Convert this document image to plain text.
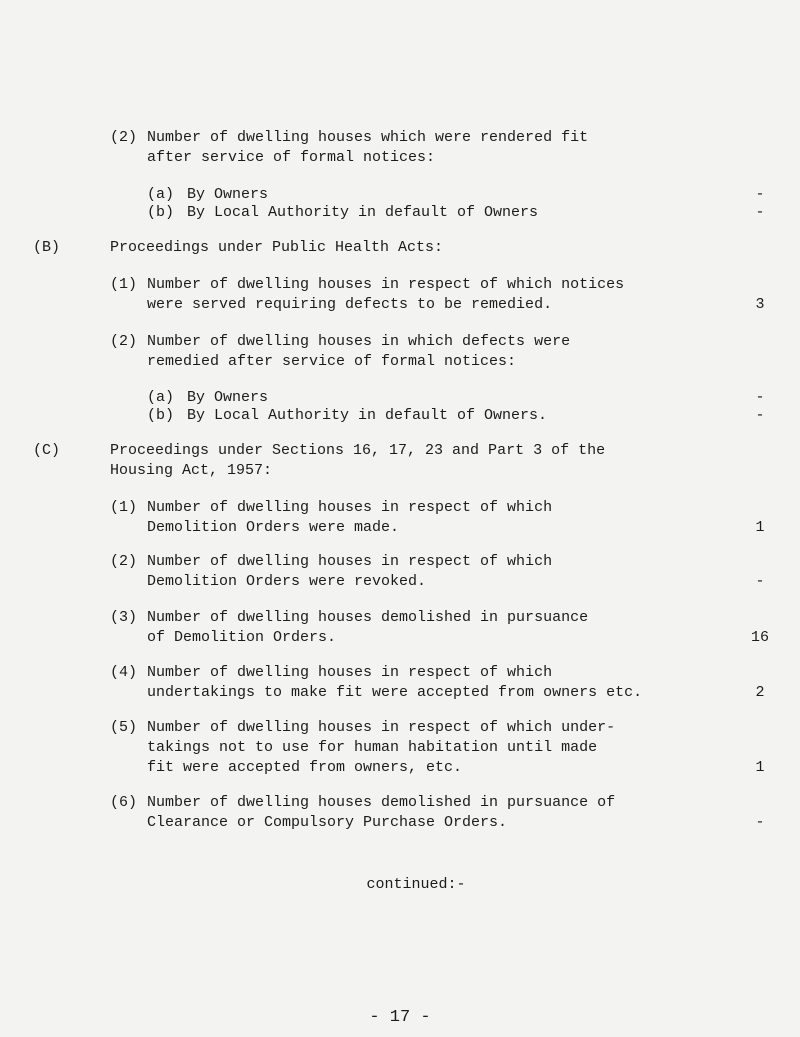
(2) Number of dwelling houses which were rendered fit
after service of formal notices:
(a) By Owners	-
(b) By Local Authority in default of Owners	-
(B)	Proceedings under Public Health Acts:
(1) Number of dwelling houses in respect of which notices
were served requiring defects to be remedied.	3
(2) Number of dwelling houses in which defects were
remedied after service of formal notices:
(a) By Owners	-
(b) By Local Authority in default of Owners.	-
(C)	Proceedings under Sections 16, 17, 23 and Part 3 of the
Housing Act, 1957:
(1) Number of dwelling houses in respect of which
Demolition Orders were made.	1
(2) Number of dwelling houses in respect of which
Demolition Orders were revoked.	-
(3) Number of dwelling houses demolished in pursuance
of Demolition Orders.	16
(4) Number of dwelling houses in respect of which
undertakings to make fit were accepted from owners etc.	2
(5) Number of dwelling houses in respect of which under-
takings not to use for human habitation until made
fit were accepted from owners, etc.	1
(6) Number of dwelling houses demolished in pursuance of
Clearance or Compulsory Purchase Orders.	-
continued:-
- 17 -
